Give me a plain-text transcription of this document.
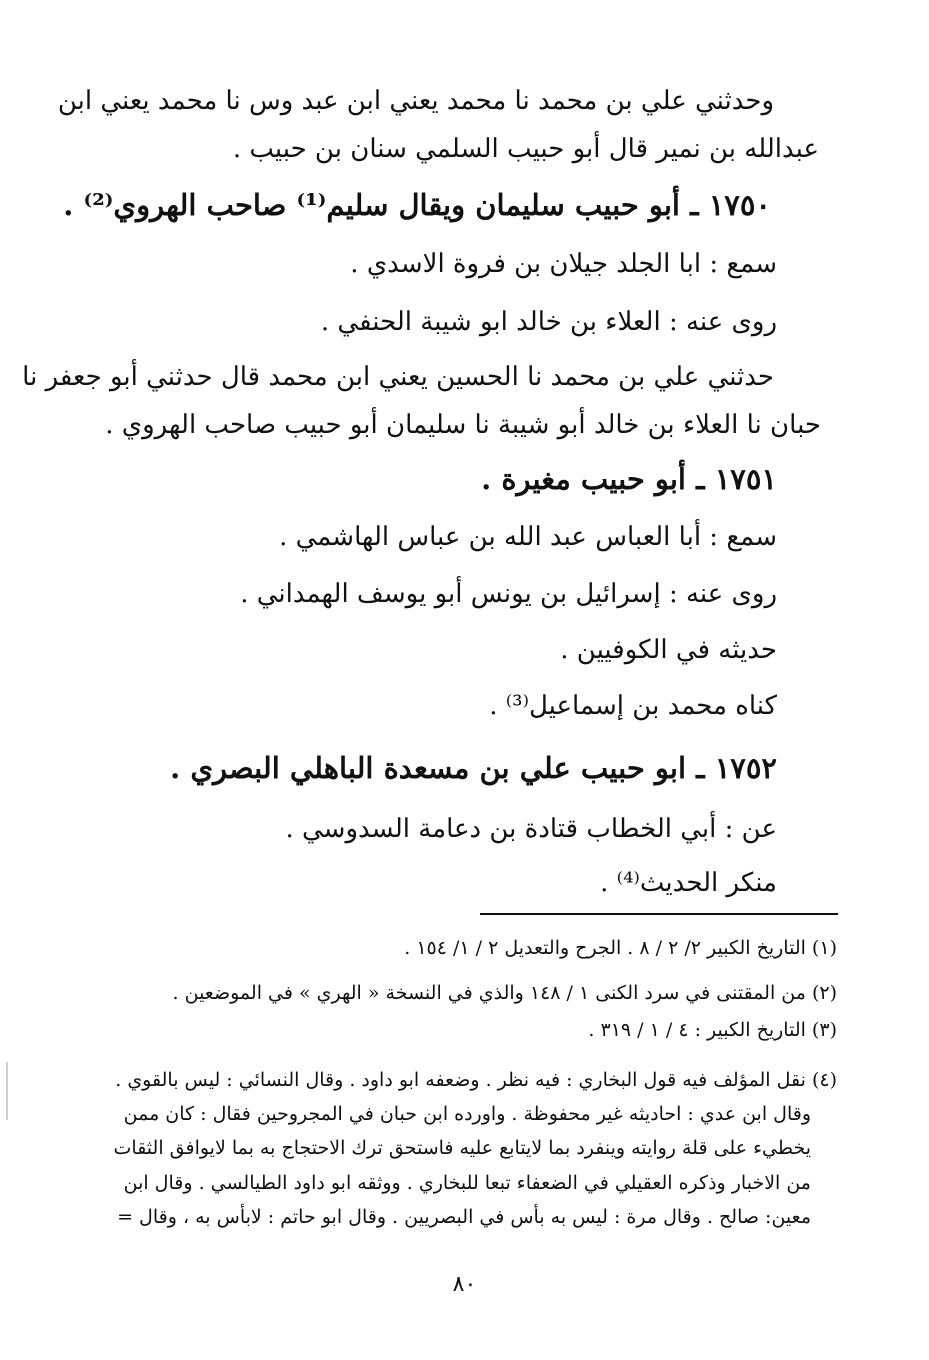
وحدثني علي بن محمد نا محمد يعني ابن عبد وس نا محمد يعني ابن
عبدالله بن نمير قال أبو حبيب السلمي سنان بن حبيب .
١٧٥٠ ـ أبو حبيب سليمان ويقال سليم⁽¹⁾ صاحب الهروي⁽²⁾ .
سمع : ابا الجلد جيلان بن فروة الاسدي .
روى عنه : العلاء بن خالد ابو شيبة الحنفي .
حدثني علي بن محمد نا الحسين يعني ابن محمد قال حدثني أبو جعفر نا
حبان نا العلاء بن خالد أبو شيبة نا سليمان أبو حبيب صاحب الهروي .
١٧٥١ ـ أبو حبيب مغيرة .
سمع : أبا العباس عبد الله بن عباس الهاشمي .
روى عنه : إسرائيل بن يونس أبو يوسف الهمداني .
حديثه في الكوفيين .
كناه محمد بن إسماعيل⁽³⁾ .
١٧٥٢ ـ ابو حبيب علي بن مسعدة الباهلي البصري .
عن : أبي الخطاب قتادة بن دعامة السدوسي .
منكر الحديث⁽⁴⁾ .
(١) التاريخ الكبير ٢/ ٢ / ٨ . الجرح والتعديل ٢ / ١/ ١٥٤ .
(٢) من المقتنى في سرد الكنى ١ / ١٤٨ والذي في النسخة « الهري » في الموضعين .
(٣) التاريخ الكبير : ٤ / ١ / ٣١٩ .
(٤) نقل المؤلف فيه قول البخاري : فيه نظر . وضعفه ابو داود . وقال النسائي : ليس بالقوي .
وقال ابن عدي : احاديثه غير محفوظة . واورده ابن حبان في المجروحين فقال : كان ممن
يخطيء على قلة روايته وينفرد بما لايتابع عليه فاستحق ترك الاحتجاج به بما لايوافق الثقات
من الاخبار وذكره العقيلي في الضعفاء تبعا للبخاري . ووثقه ابو داود الطيالسي . وقال ابن
معين: صالح . وقال مرة : ليس به بأس في البصريين . وقال ابو حاتم : لابأس به ، وقال =
٨٠
